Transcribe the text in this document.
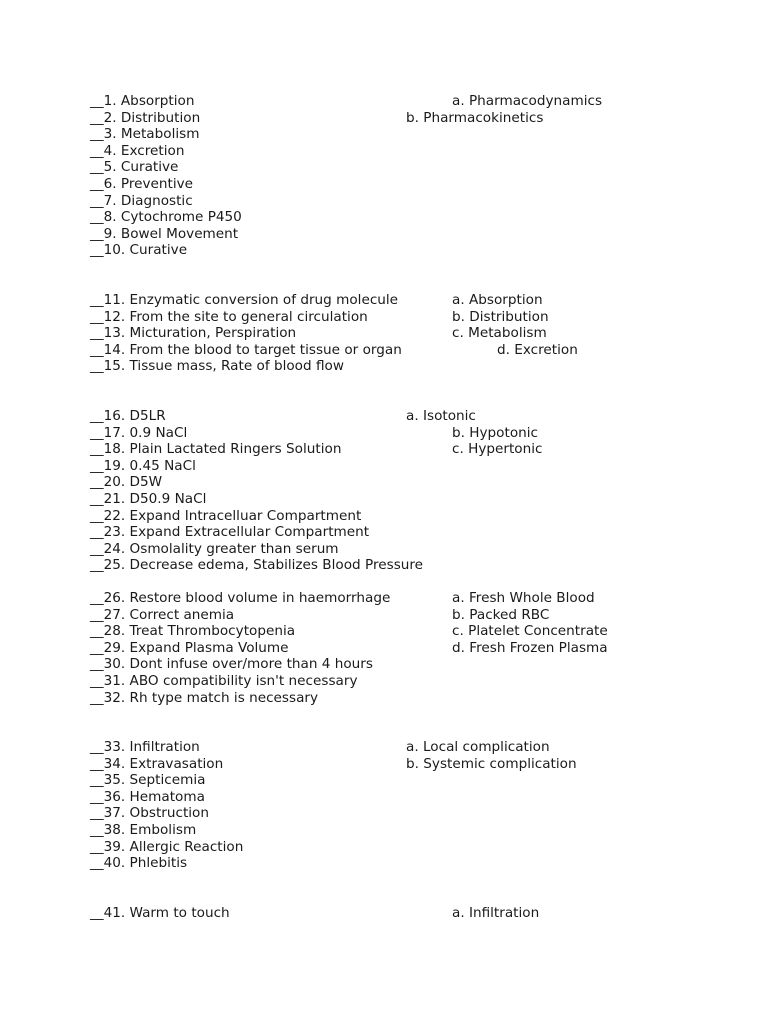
__1. Absorption	a. Pharmacodynamics
__2. Distribution	b. Pharmacokinetics
__3. Metabolism
__4. Excretion
__5. Curative
__6. Preventive
__7. Diagnostic
__8. Cytochrome P450
__9. Bowel Movement
__10. Curative
__11. Enzymatic conversion of drug molecule	a. Absorption
__12. From the site to general circulation	b. Distribution
__13. Micturation, Perspiration	c. Metabolism
__14. From the blood to target tissue or organ	d. Excretion
__15. Tissue mass, Rate of blood flow
__16. D5LR	a. Isotonic
__17. 0.9 NaCl	b. Hypotonic
__18. Plain Lactated Ringers Solution	c. Hypertonic
__19. 0.45 NaCl
__20. D5W
__21. D50.9 NaCl
__22. Expand Intracelluar Compartment
__23. Expand Extracellular Compartment
__24. Osmolality greater than serum
__25. Decrease edema, Stabilizes Blood Pressure
__26. Restore blood volume in haemorrhage	a. Fresh Whole Blood
__27. Correct anemia	b. Packed RBC
__28. Treat Thrombocytopenia	c. Platelet Concentrate
__29. Expand Plasma Volume	d. Fresh Frozen Plasma
__30. Dont infuse over/more than 4 hours
__31. ABO compatibility isn't necessary
__32. Rh type match is necessary
__33. Infiltration	a. Local complication
__34. Extravasation	b. Systemic complication
__35. Septicemia
__36. Hematoma
__37. Obstruction
__38. Embolism
__39. Allergic Reaction
__40. Phlebitis
__41. Warm to touch	a. Infiltration
